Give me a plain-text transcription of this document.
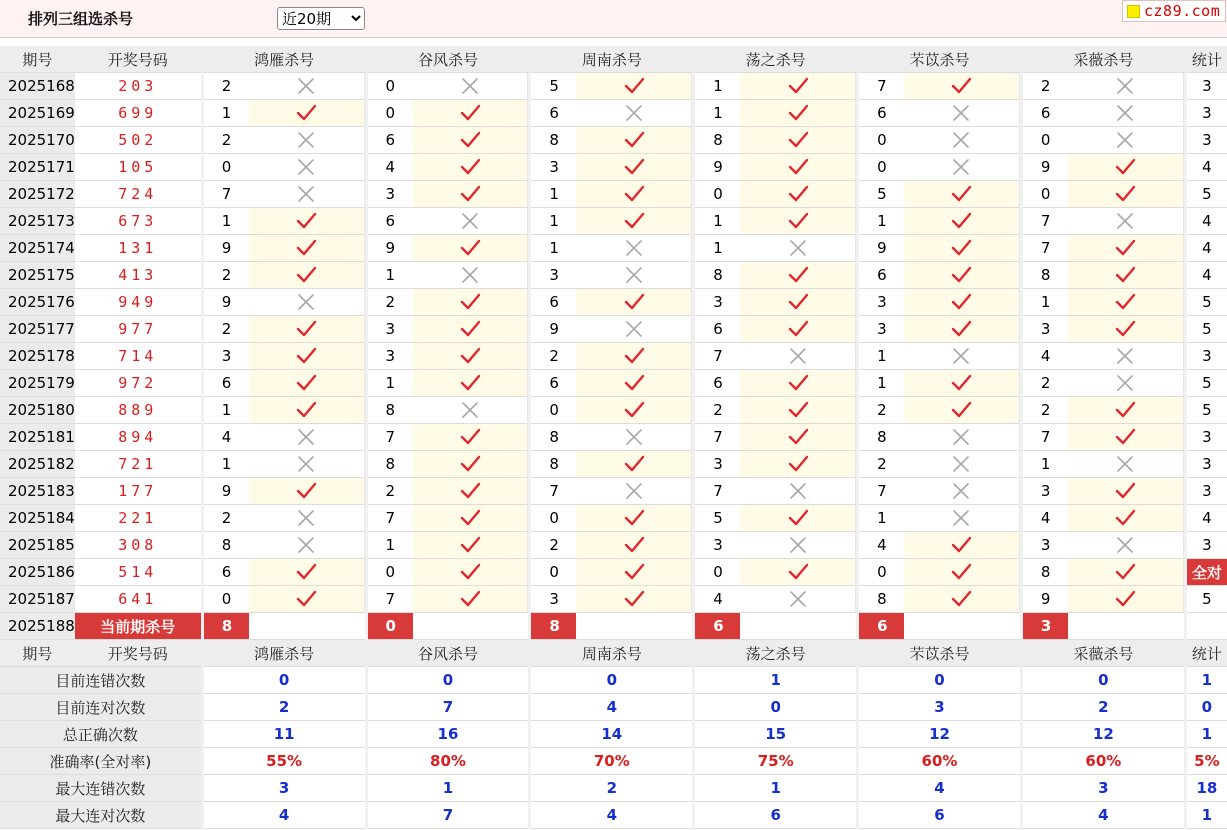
排列三组选杀号
近20期	cz89.com
期号	开奖号码		鸿雁杀号			谷风杀号			周南杀号			荡之杀号			芣苡杀号			采薇杀号			统计
2025168	203		2			0			5			1			7			2			3
2025169	699		1			0			6			1			6			6			3
2025170	502		2			6			8			8			0			0			3
2025171	105		0			4			3			9			0			9			4
2025172	724		7			3			1			0			5			0			5
2025173	673		1			6			1			1			1			7			4
2025174	131		9			9			1			1			9			7			4
2025175	413		2			1			3			8			6			8			4
2025176	949		9			2			6			3			3			1			5
2025177	977		2			3			9			6			3			3			5
2025178	714		3			3			2			7			1			4			3
2025179	972		6			1			6			6			1			2			5
2025180	889		1			8			0			2			2			2			5
2025181	894		4			7			8			7			8			7			3
2025182	721		1			8			8			3			2			1			3
2025183	177		9			2			7			7			7			3			3
2025184	221		2			7			0			5			1			4			4
2025185	308		8			1			2			3			4			3			3
2025186	514		6			0			0			0			0			8			全对
2025187	641		0			7			3			4			8			9			5
2025188	当前期杀号		8			0			8			6			6			3			
期号	开奖号码		鸿雁杀号			谷风杀号			周南杀号			荡之杀号			芣苡杀号			采薇杀号			统计
目前连错次数			0			0			0			1			0			0			1
目前连对次数			2			7			4			0			3			2			0
总正确次数			11			16			14			15			12			12			1
准确率(全对率)			55%			80%			70%			75%			60%			60%			5%
最大连错次数			3			1			2			1			4			3			18
最大连对次数			4			7			4			6			6			4			1
